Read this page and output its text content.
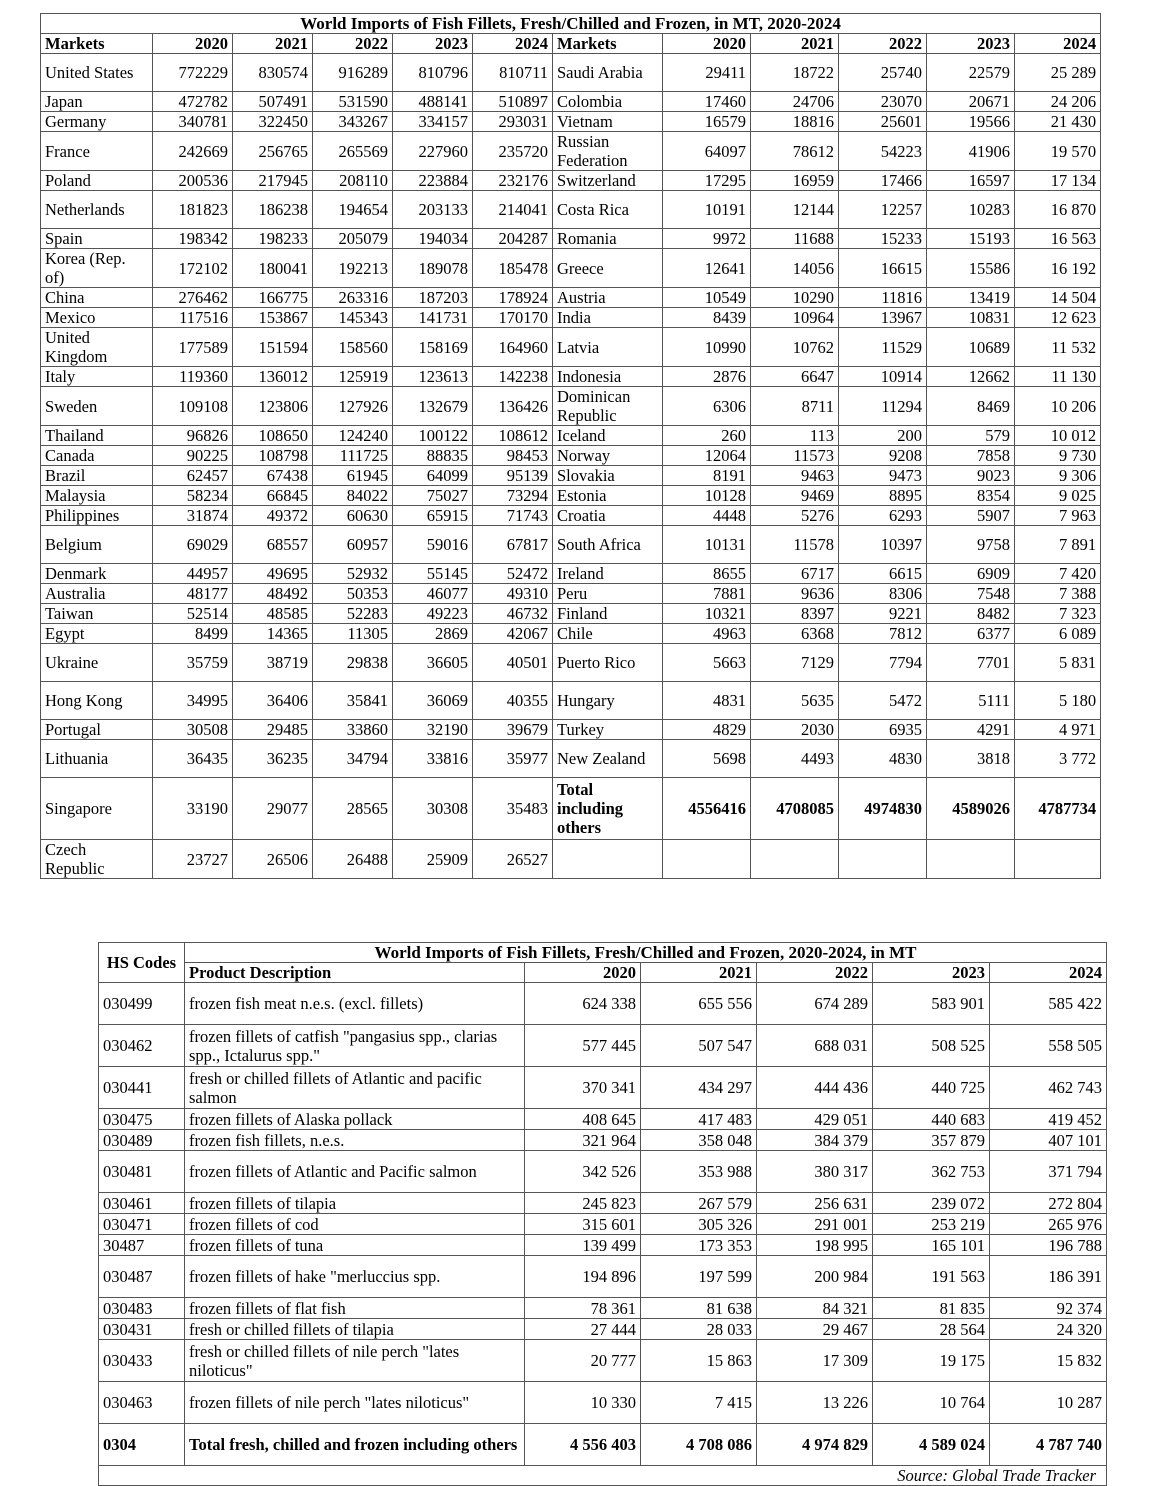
World Imports of Fish Fillets, Fresh/Chilled and Frozen, in MT, 2020-2024											
Markets	2020	2021	2022	2023	2024	Markets	2020	2021	2022	2023	2024
United States	772229	830574	916289	810796	810711	Saudi Arabia	29411	18722	25740	22579	25 289
Japan	472782	507491	531590	488141	510897	Colombia	17460	24706	23070	20671	24 206
Germany	340781	322450	343267	334157	293031	Vietnam	16579	18816	25601	19566	21 430
France	242669	256765	265569	227960	235720	Russian Federation	64097	78612	54223	41906	19 570
Poland	200536	217945	208110	223884	232176	Switzerland	17295	16959	17466	16597	17 134
Netherlands	181823	186238	194654	203133	214041	Costa Rica	10191	12144	12257	10283	16 870
Spain	198342	198233	205079	194034	204287	Romania	9972	11688	15233	15193	16 563
Korea (Rep. of)	172102	180041	192213	189078	185478	Greece	12641	14056	16615	15586	16 192
China	276462	166775	263316	187203	178924	Austria	10549	10290	11816	13419	14 504
Mexico	117516	153867	145343	141731	170170	India	8439	10964	13967	10831	12 623
United Kingdom	177589	151594	158560	158169	164960	Latvia	10990	10762	11529	10689	11 532
Italy	119360	136012	125919	123613	142238	Indonesia	2876	6647	10914	12662	11 130
Sweden	109108	123806	127926	132679	136426	Dominican Republic	6306	8711	11294	8469	10 206
Thailand	96826	108650	124240	100122	108612	Iceland	260	113	200	579	10 012
Canada	90225	108798	111725	88835	98453	Norway	12064	11573	9208	7858	9 730
Brazil	62457	67438	61945	64099	95139	Slovakia	8191	9463	9473	9023	9 306
Malaysia	58234	66845	84022	75027	73294	Estonia	10128	9469	8895	8354	9 025
Philippines	31874	49372	60630	65915	71743	Croatia	4448	5276	6293	5907	7 963
Belgium	69029	68557	60957	59016	67817	South Africa	10131	11578	10397	9758	7 891
Denmark	44957	49695	52932	55145	52472	Ireland	8655	6717	6615	6909	7 420
Australia	48177	48492	50353	46077	49310	Peru	7881	9636	8306	7548	7 388
Taiwan	52514	48585	52283	49223	46732	Finland	10321	8397	9221	8482	7 323
Egypt	8499	14365	11305	2869	42067	Chile	4963	6368	7812	6377	6 089
Ukraine	35759	38719	29838	36605	40501	Puerto Rico	5663	7129	7794	7701	5 831
Hong Kong	34995	36406	35841	36069	40355	Hungary	4831	5635	5472	5111	5 180
Portugal	30508	29485	33860	32190	39679	Turkey	4829	2030	6935	4291	4 971
Lithuania	36435	36235	34794	33816	35977	New Zealand	5698	4493	4830	3818	3 772
Singapore	33190	29077	28565	30308	35483	Total including others	4556416	4708085	4974830	4589026	4787734
Czech Republic	23727	26506	26488	25909	26527						
HS Codes	World Imports of Fish Fillets, Fresh/Chilled and Frozen, 2020-2024, in MT					
	Product Description	2020	2021	2022	2023	2024
030499	frozen fish meat n.e.s. (excl. fillets)	624 338	655 556	674 289	583 901	585 422
030462	frozen fillets of catfish "pangasius spp., clarias spp., Ictalurus spp."	577 445	507 547	688 031	508 525	558 505
030441	fresh or chilled fillets of Atlantic and pacific salmon	370 341	434 297	444 436	440 725	462 743
030475	frozen fillets of Alaska pollack	408 645	417 483	429 051	440 683	419 452
030489	frozen fish fillets, n.e.s.	321 964	358 048	384 379	357 879	407 101
030481	frozen fillets of Atlantic and Pacific salmon	342 526	353 988	380 317	362 753	371 794
030461	frozen fillets of tilapia	245 823	267 579	256 631	239 072	272 804
030471	frozen fillets of cod	315 601	305 326	291 001	253 219	265 976
30487	frozen fillets of tuna	139 499	173 353	198 995	165 101	196 788
030487	frozen fillets of hake "merluccius spp.	194 896	197 599	200 984	191 563	186 391
030483	frozen fillets of flat fish	78 361	81 638	84 321	81 835	92 374
030431	fresh or chilled fillets of tilapia	27 444	28 033	29 467	28 564	24 320
030433	fresh or chilled fillets of nile perch "lates niloticus"	20 777	15 863	17 309	19 175	15 832
030463	frozen fillets of nile perch "lates niloticus"	10 330	7 415	13 226	10 764	10 287
0304	Total fresh, chilled and frozen including others	4 556 403	4 708 086	4 974 829	4 589 024	4 787 740
Source: Global Trade Tracker						
